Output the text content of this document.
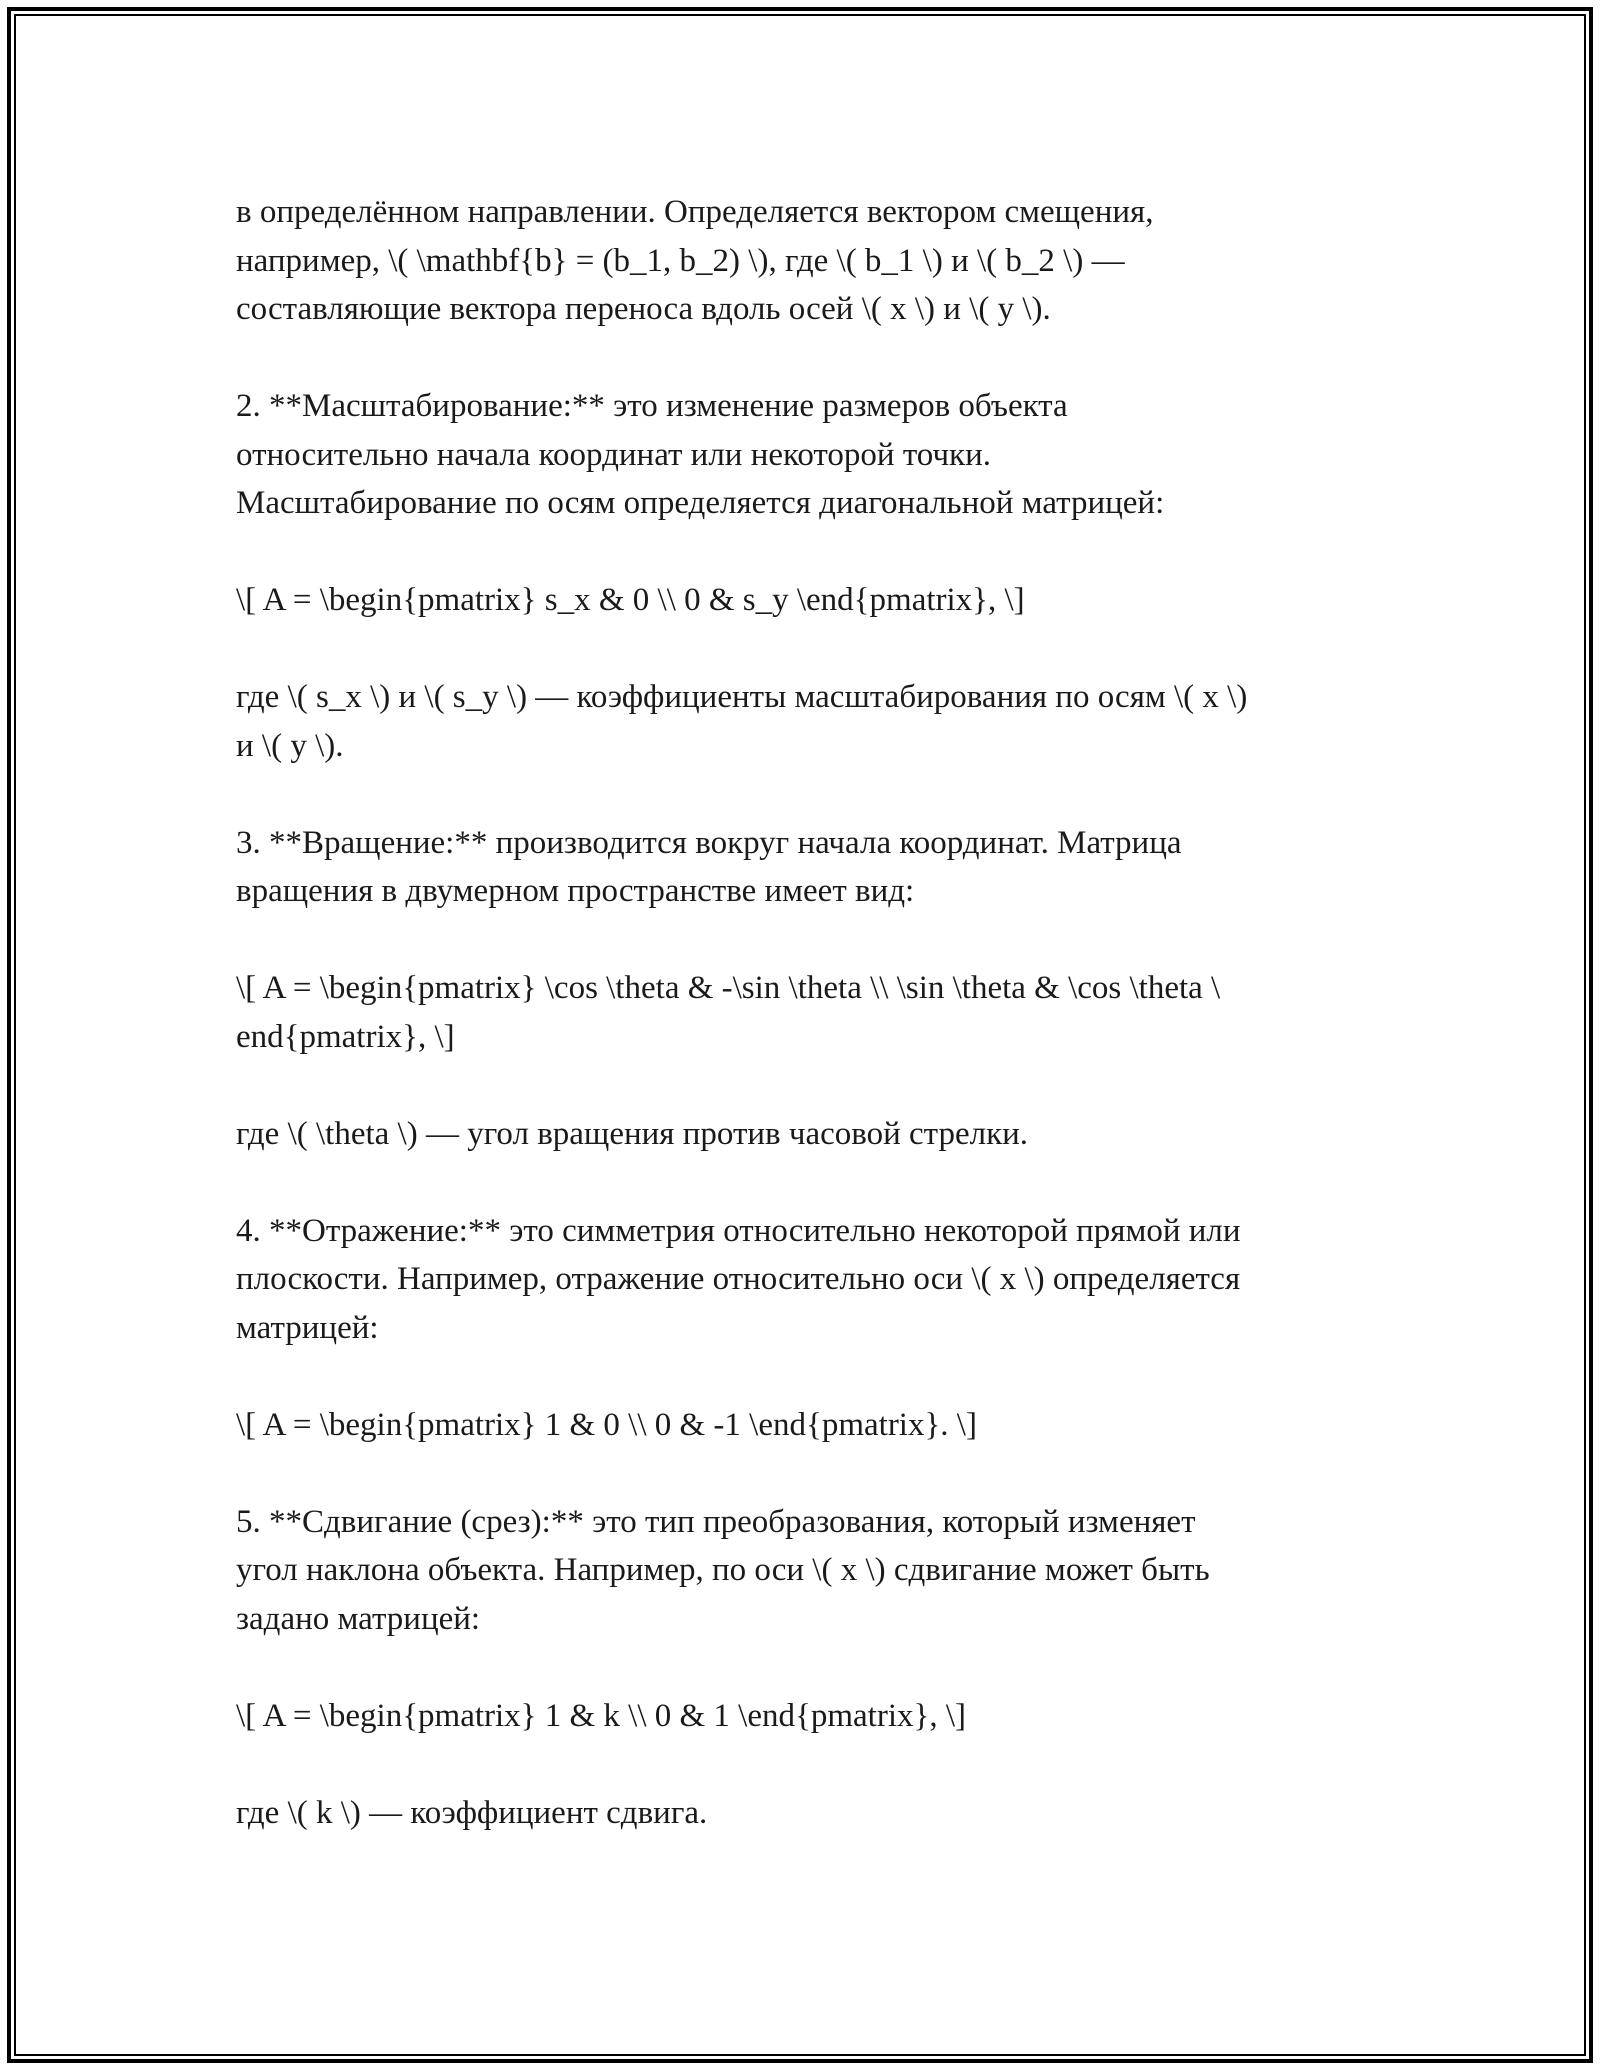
в определённом направлении. Определяется вектором смещения,
например, \( \mathbf{b} = (b_1, b_2) \), где \( b_1 \) и \( b_2 \) —
составляющие вектора переноса вдоль осей \( x \) и \( y \).

2. **Масштабирование:** это изменение размеров объекта
относительно начала координат или некоторой точки.
Масштабирование по осям определяется диагональной матрицей:

\[ A = \begin{pmatrix} s_x & 0 \\ 0 & s_y \end{pmatrix}, \]

где \( s_x \) и \( s_y \) — коэффициенты масштабирования по осям \( x \)
и \( y \).

3. **Вращение:** производится вокруг начала координат. Матрица
вращения в двумерном пространстве имеет вид:

\[ A = \begin{pmatrix} \cos \theta & -\sin \theta \\ \sin \theta & \cos \theta \
end{pmatrix}, \]

где \( \theta \) — угол вращения против часовой стрелки.

4. **Отражение:** это симметрия относительно некоторой прямой или
плоскости. Например, отражение относительно оси \( x \) определяется
матрицей:

\[ A = \begin{pmatrix} 1 & 0 \\ 0 & -1 \end{pmatrix}. \]

5. **Сдвигание (срез):** это тип преобразования, который изменяет
угол наклона объекта. Например, по оси \( x \) сдвигание может быть
задано матрицей:

\[ A = \begin{pmatrix} 1 & k \\ 0 & 1 \end{pmatrix}, \]

где \( k \) — коэффициент сдвига.
